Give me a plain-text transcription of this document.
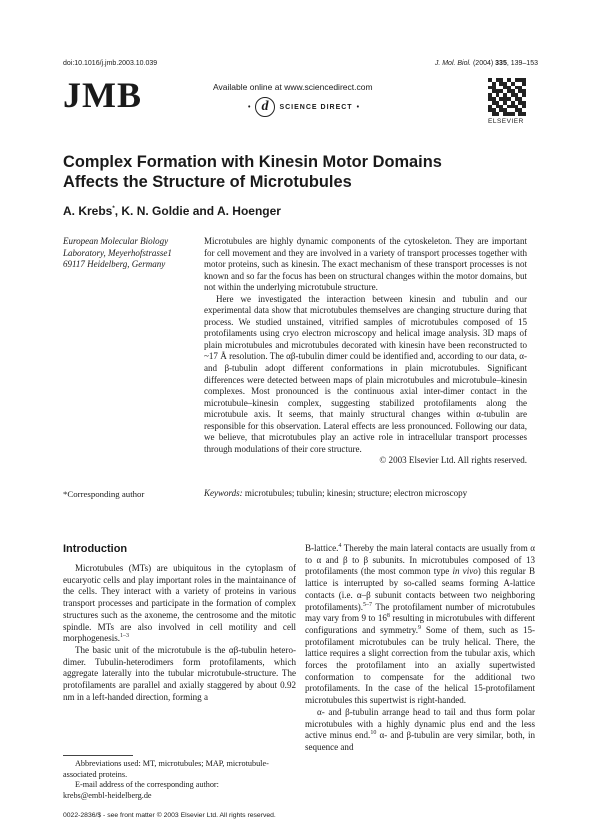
doi:10.1016/j.jmb.2003.10.039	J. Mol. Biol. (2004) 335, 139–153
JMB	Available online at www.sciencedirect.com
• d SCIENCE DIRECT •
ELSEVIER
Complex Formation with Kinesin Motor Domains
Affects the Structure of Microtubules
A. Krebs*, K. N. Goldie and A. Hoenger
European Molecular Biology
Laboratory, Meyerhofstrasse1
69117 Heidelberg, Germany
Microtubules are highly dynamic components of the cytoskeleton. They are important for cell movement and they are involved in a variety of transport processes together with motor proteins, such as kinesin. The exact mechanism of these transport processes is not known and so far the focus has been on structural changes within the motor domains, but not within the underlying microtubule structure.
Here we investigated the interaction between kinesin and tubulin and our experimental data show that microtubules themselves are changing structure during that process. We studied unstained, vitrified samples of microtubules composed of 15 protofilaments using cryo electron microscopy and helical image analysis. 3D maps of plain microtubules and microtubules decorated with kinesin have been reconstructed to ~17 Å resolution. The αβ-tubulin dimer could be identified and, according to our data, α- and β-tubulin adopt different conformations in plain microtubules. Significant differences were detected between maps of plain microtubules and microtubule–kinesin complexes. Most pronounced is the continuous axial inter-dimer contact in the microtubule–kinesin complex, suggesting stabilized protofilaments along the microtubule axis. It seems, that mainly structural changes within α-tubulin are responsible for this observation. Lateral effects are less pronounced. Following our data, we believe, that microtubules play an active role in intracellular transport processes through modulations of their core structure.
© 2003 Elsevier Ltd. All rights reserved.
*Corresponding author	Keywords: microtubules; tubulin; kinesin; structure; electron microscopy
Introduction
Microtubules (MTs) are ubiquitous in the cytoplasm of eucaryotic cells and play important roles in the maintainance of the cells. They interact with a variety of proteins in various transport processes and participate in the formation of complex structures such as the axoneme, the centrosome and the mitotic spindle. MTs are also involved in cell motility and cell morphogenesis.$^{1-3}$
The basic unit of the microtubule is the αβ-tubulin hetero-dimer. Tubulin-heterodimers form protofilaments, which aggregate laterally into the tubular microtubule-structure. The protofilaments are parallel and axially staggered by about 0.92 nm in a left-handed direction, forming a
B-lattice.$^4$ Thereby the main lateral contacts are usually from α to α and β to β subunits. In microtubules composed of 13 protofilaments (the most common type in vivo) this regular B lattice is interrupted by so-called seams forming A-lattice contacts (i.e. α–β subunit contacts between two neighboring protofilaments).$^{5-7}$ The protofilament number of microtubules may vary from 9 to $16^8$ resulting in microtubules with different configurations and symmetry.$^9$ Some of them, such as 15-protofilament microtubules can be truly helical. There, the lattice requires a slight correction from the tubular axis, which forces the protofilament into an axially supertwisted conformation to compensate for the additional two protofilaments. In the case of the helical 15-protofilament microtubules this supertwist is right-handed.
α- and β-tubulin arrange head to tail and thus form polar microtubules with a highly dynamic plus end and the less active minus end.$^{10}$ α- and β-tubulin are very similar, both, in sequence and
Abbreviations used: MT, microtubules; MAP, microtubule-associated proteins.
E-mail address of the corresponding author:
krebs@embl-heidelberg.de
0022-2836/$ - see front matter © 2003 Elsevier Ltd. All rights reserved.
